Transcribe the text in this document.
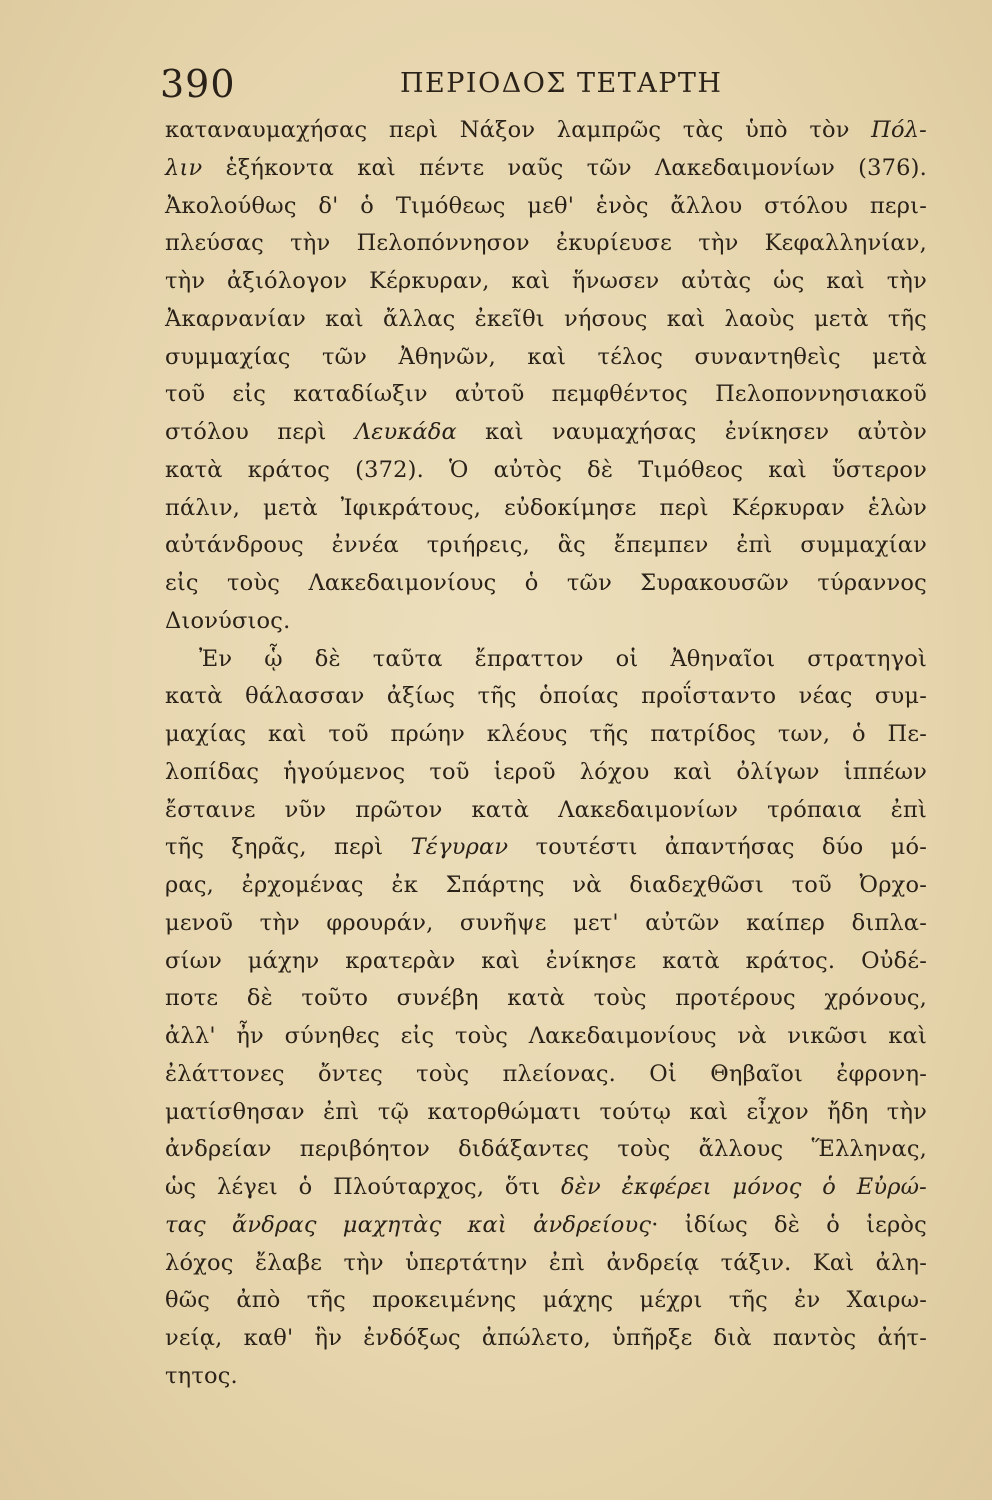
390	ΠΕΡΙΟΔΟΣ ΤΕΤΑΡΤΗ
καταναυμαχήσας περὶ Νάξον λαμπρῶς τὰς ὑπὸ τὸν Πόλ-
λιν ἑξήκοντα καὶ πέντε ναῦς τῶν Λακεδαιμονίων (376).
Ἀκολούθως δ' ὁ Τιμόθεως μεθ' ἑνὸς ἄλλου στόλου περι-
πλεύσας τὴν Πελοπόννησον ἐκυρίευσε τὴν Κεφαλληνίαν,
τὴν ἀξιόλογον Κέρκυραν, καὶ ἥνωσεν αὐτὰς ὡς καὶ τὴν
Ἀκαρνανίαν καὶ ἄλλας ἐκεῖθι νήσους καὶ λαοὺς μετὰ τῆς
συμμαχίας τῶν Ἀθηνῶν, καὶ τέλος συναντηθεὶς μετὰ
τοῦ εἰς καταδίωξιν αὐτοῦ πεμφθέντος Πελοποννησιακοῦ
στόλου περὶ Λευκάδα καὶ ναυμαχήσας ἐνίκησεν αὐτὸν
κατὰ κράτος (372). Ὁ αὐτὸς δὲ Τιμόθεος καὶ ὕστερον
πάλιν, μετὰ Ἰφικράτους, εὐδοκίμησε περὶ Κέρκυραν ἑλὼν
αὐτάνδρους ἐννέα τριήρεις, ἃς ἔπεμπεν ἐπὶ συμμαχίαν
εἰς τοὺς Λακεδαιμονίους ὁ τῶν Συρακουσῶν τύραννος
Διονύσιος.
Ἐν ᾧ δὲ ταῦτα ἔπραττον οἱ Ἀθηναῖοι στρατηγοὶ
κατὰ θάλασσαν ἀξίως τῆς ὁποίας προΐσταντο νέας συμ-
μαχίας καὶ τοῦ πρώην κλέους τῆς πατρίδος των, ὁ Πε-
λοπίδας ἡγούμενος τοῦ ἱεροῦ λόχου καὶ ὀλίγων ἱππέων
ἔσταινε νῦν πρῶτον κατὰ Λακεδαιμονίων τρόπαια ἐπὶ
τῆς ξηρᾶς, περὶ Τέγυραν τουτέστι ἀπαντήσας δύο μό-
ρας, ἐρχομένας ἐκ Σπάρτης νὰ διαδεχθῶσι τοῦ Ὀρχο-
μενοῦ τὴν φρουράν, συνῆψε μετ' αὐτῶν καίπερ διπλα-
σίων μάχην κρατερὰν καὶ ἐνίκησε κατὰ κράτος. Οὐδέ-
ποτε δὲ τοῦτο συνέβη κατὰ τοὺς προτέρους χρόνους,
ἀλλ' ἦν σύνηθες εἰς τοὺς Λακεδαιμονίους νὰ νικῶσι καὶ
ἐλάττονες ὄντες τοὺς πλείονας. Οἱ Θηβαῖοι ἐφρονη-
ματίσθησαν ἐπὶ τῷ κατορθώματι τούτῳ καὶ εἶχον ἤδη τὴν
ἀνδρείαν περιβόητον διδάξαντες τοὺς ἄλλους Ἕλληνας,
ὡς λέγει ὁ Πλούταρχος, ὅτι δὲν ἐκφέρει μόνος ὁ Εὐρώ-
τας ἄνδρας μαχητὰς καὶ ἀνδρείους· ἰδίως δὲ ὁ ἱερὸς
λόχος ἔλαβε τὴν ὑπερτάτην ἐπὶ ἀνδρείᾳ τάξιν. Καὶ ἀλη-
θῶς ἀπὸ τῆς προκειμένης μάχης μέχρι τῆς ἐν Χαιρω-
νείᾳ, καθ' ἣν ἐνδόξως ἀπώλετο, ὑπῆρξε διὰ παντὸς ἀήτ-
τητος.
